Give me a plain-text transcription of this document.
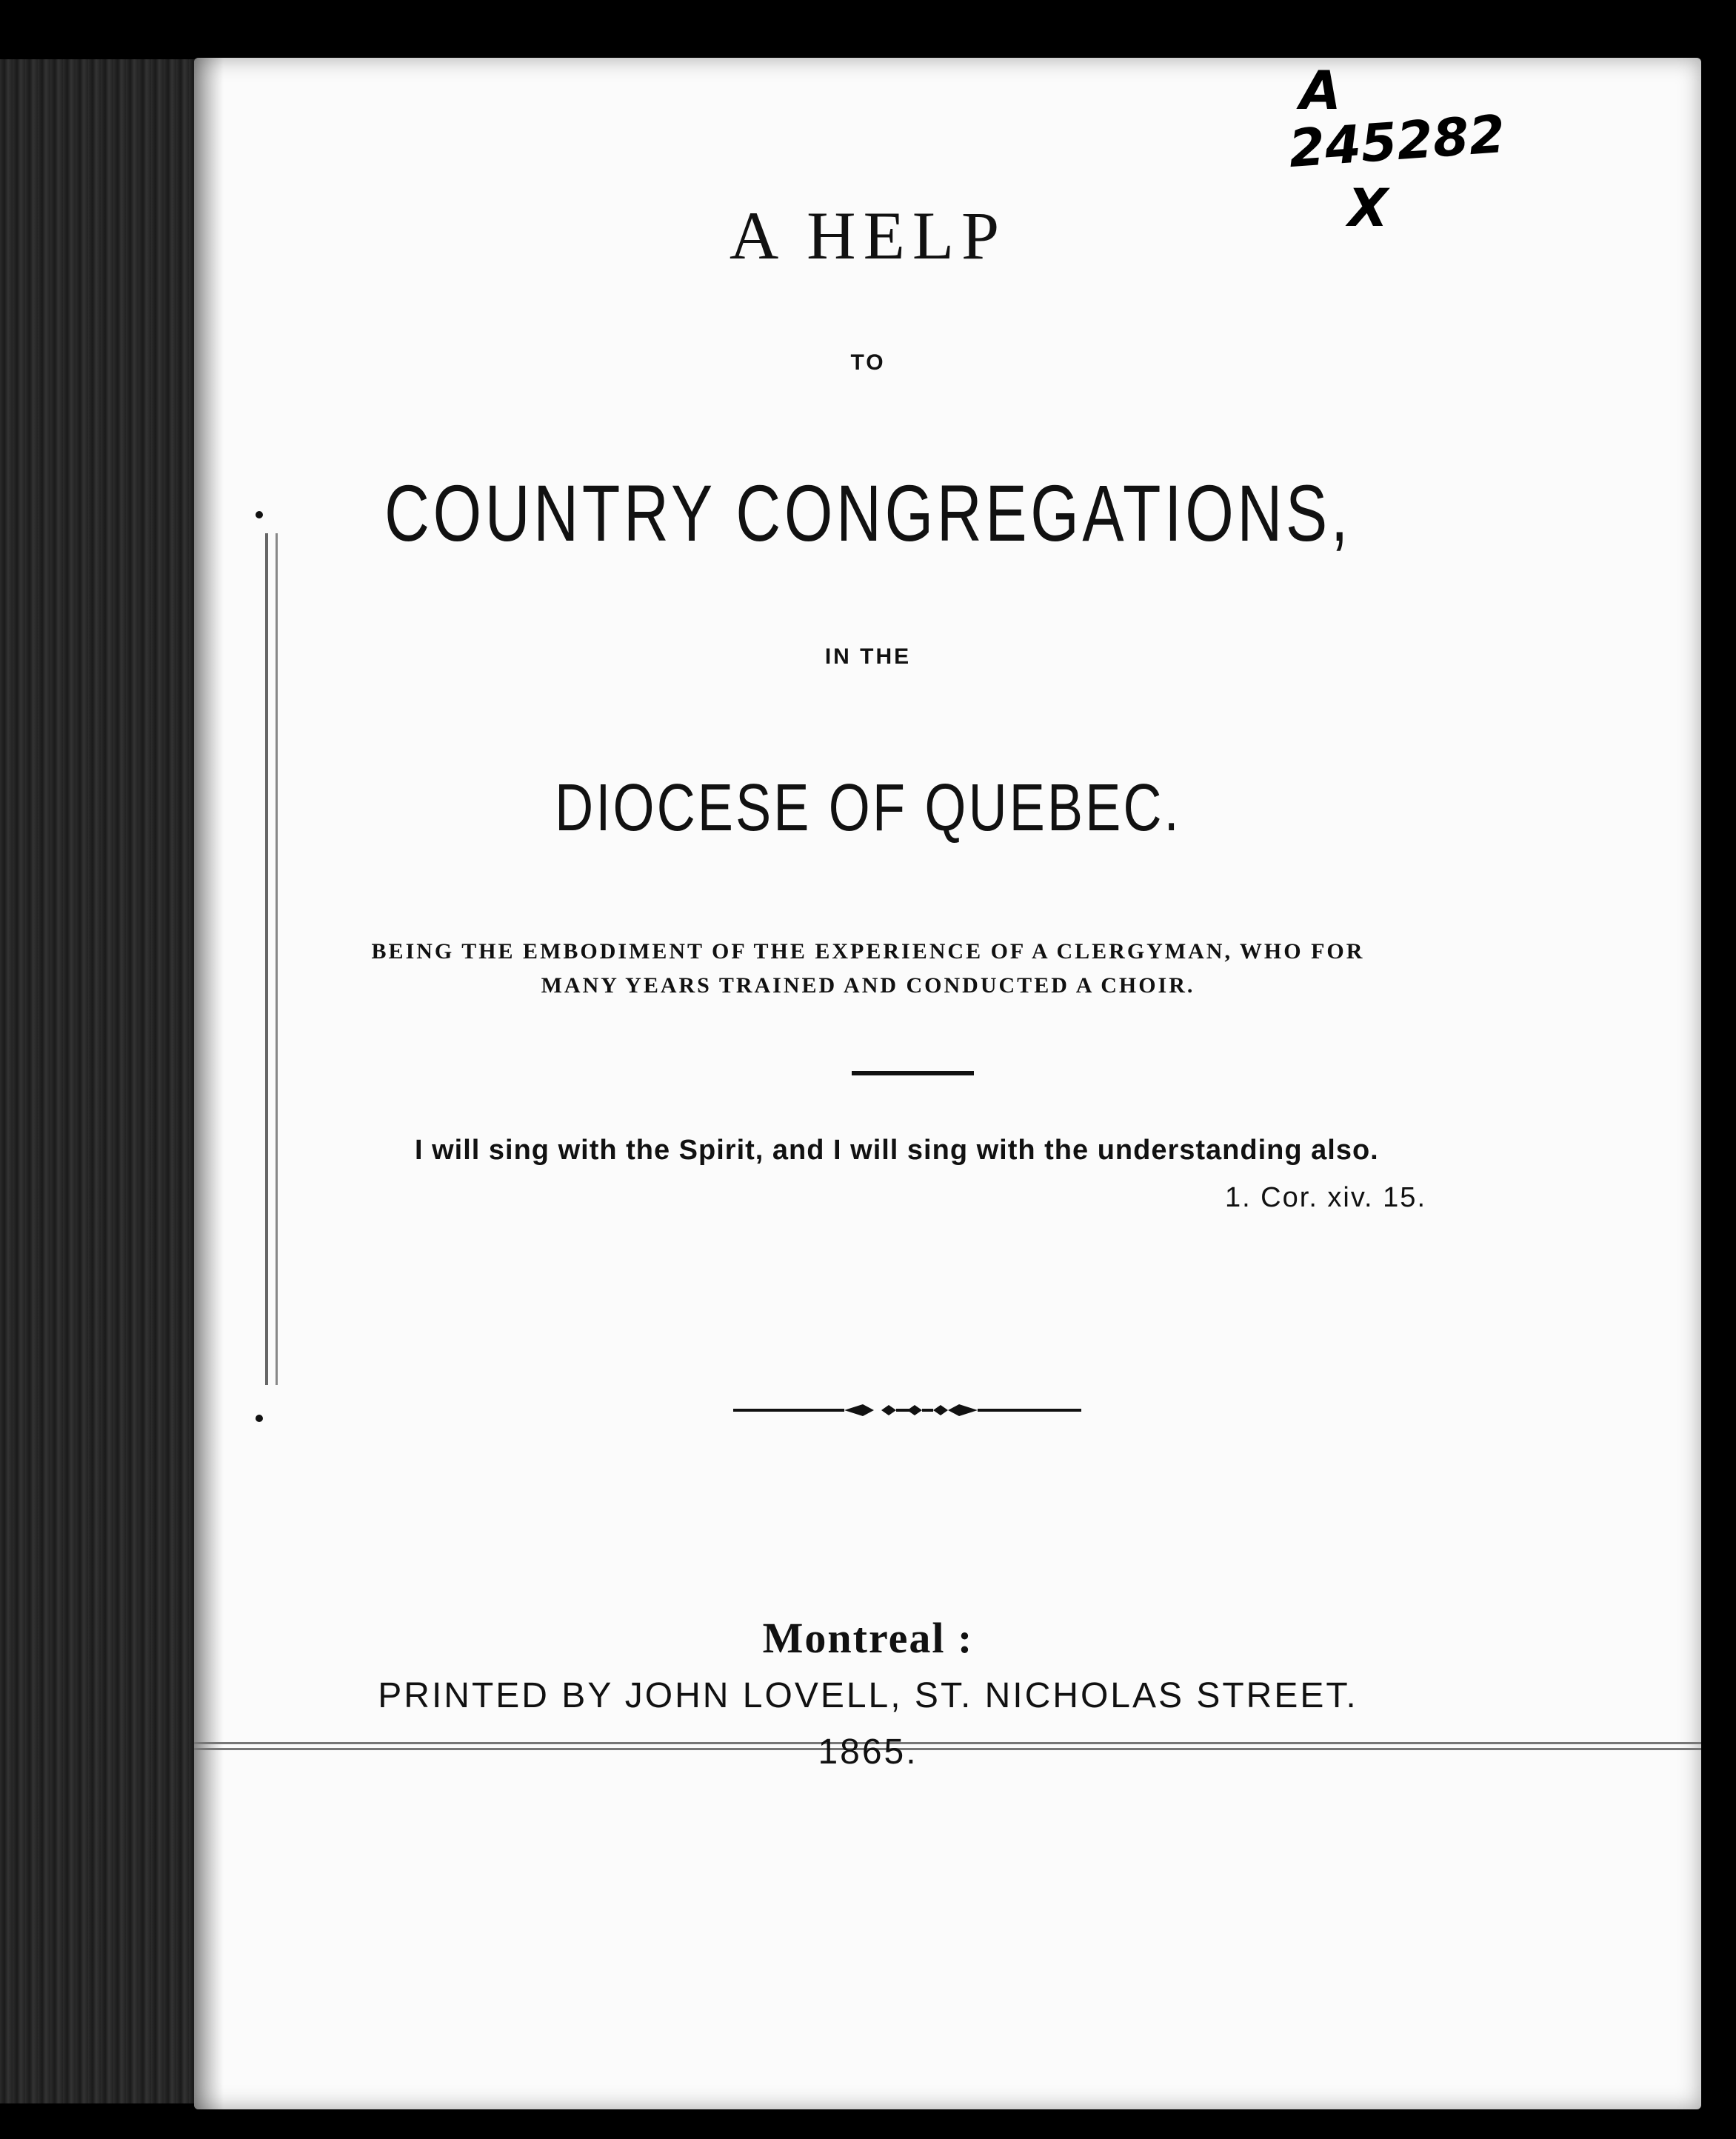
A
245282
X
A HELP
TO
COUNTRY CONGREGATIONS,
IN THE
DIOCESE OF QUEBEC.
BEING THE EMBODIMENT OF THE EXPERIENCE OF A CLERGYMAN, WHO FOR
MANY YEARS TRAINED AND CONDUCTED A CHOIR.
I will sing with the Spirit, and I will sing with the understanding also.
1. Cor. xiv. 15.
Montreal :
PRINTED BY JOHN LOVELL, ST. NICHOLAS STREET.
1865.
